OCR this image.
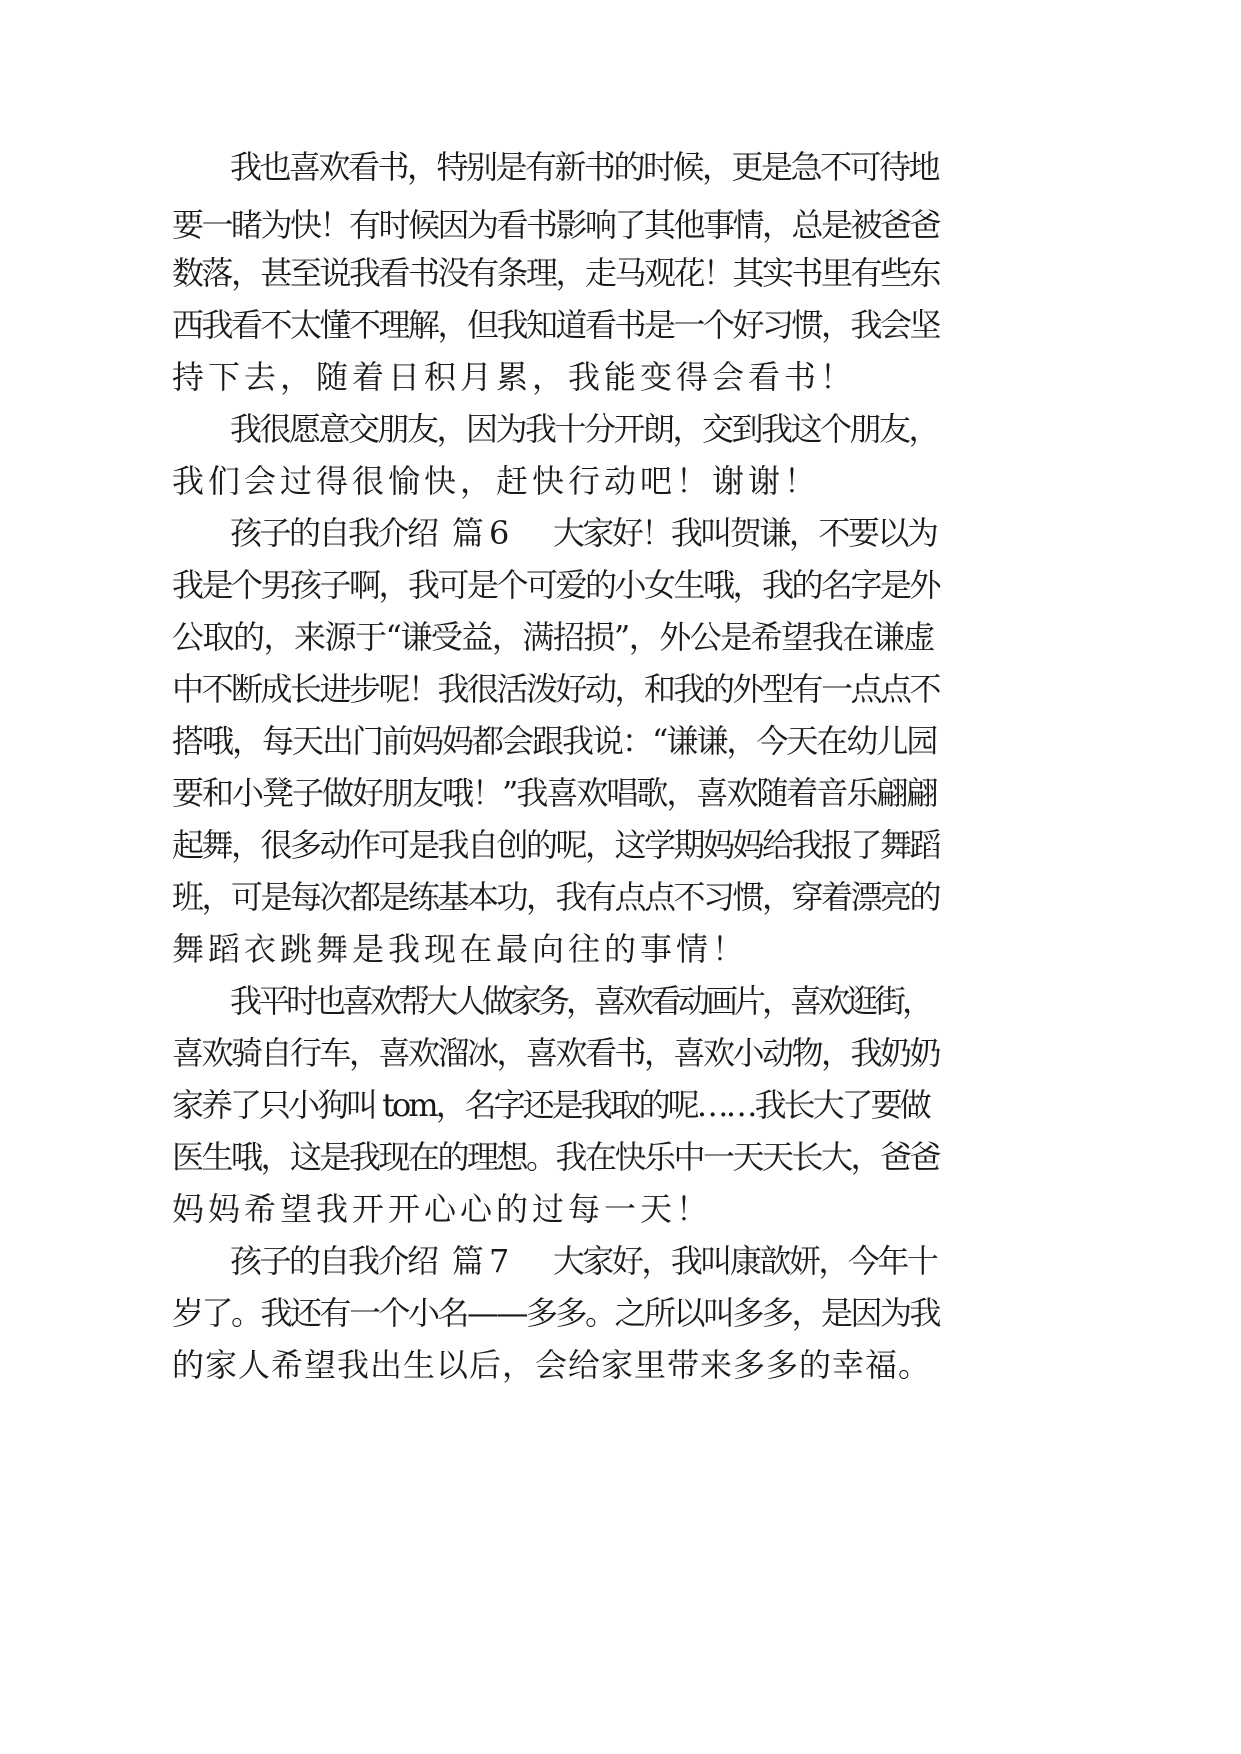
我也喜欢看书，特别是有新书的时候，更是急不可待地
要一睹为快！有时候因为看书影响了其他事情，总是被爸爸
数落，甚至说我看书没有条理，走马观花！其实书里有些东
西我看不太懂不理解，但我知道看书是一个好习惯，我会坚
持下去，随着日积月累，我能变得会看书！
我很愿意交朋友，因为我十分开朗，交到我这个朋友，
我们会过得很愉快，赶快行动吧！谢谢！
孩子的自我介绍  篇 6      大家好！我叫贺谦，不要以为
我是个男孩子啊，我可是个可爱的小女生哦，我的名字是外
公取的，来源于“谦受益，满招损”，外公是希望我在谦虚
中不断成长进步呢！我很活泼好动，和我的外型有一点点不
搭哦，每天出门前妈妈都会跟我说：“谦谦，今天在幼儿园
要和小凳子做好朋友哦！”我喜欢唱歌，喜欢随着音乐翩翩
起舞，很多动作可是我自创的呢，这学期妈妈给我报了舞蹈
班，可是每次都是练基本功，我有点点不习惯，穿着漂亮的
舞蹈衣跳舞是我现在最向往的事情！
我平时也喜欢帮大人做家务，喜欢看动画片，喜欢逛街，
喜欢骑自行车，喜欢溜冰，喜欢看书，喜欢小动物，我奶奶
家养了只小狗叫 tom，名字还是我取的呢……我长大了要做
医生哦，这是我现在的理想。我在快乐中一天天长大，爸爸
妈妈希望我开开心心的过每一天！
孩子的自我介绍  篇 7      大家好，我叫康歆妍，今年十
岁了。我还有一个小名——多多。之所以叫多多，是因为我
的家人希望我出生以后，会给家里带来多多的幸福。
